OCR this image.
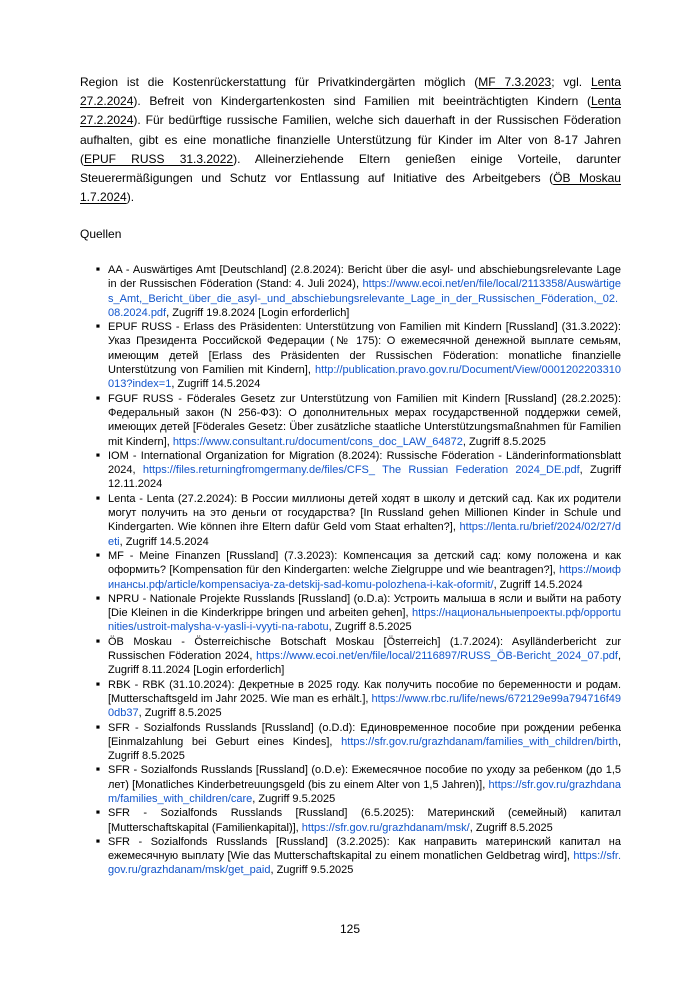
Region ist die Kostenrückerstattung für Privatkindergärten möglich (MF 7.3.2023; vgl. Lenta 27.2.2024). Befreit von Kindergartenkosten sind Familien mit beeinträchtigten Kindern (Lenta 27.2.2024). Für bedürftige russische Familien, welche sich dauerhaft in der Russischen Föderation aufhalten, gibt es eine monatliche finanzielle Unterstützung für Kinder im Alter von 8-17 Jahren (EPUF RUSS 31.3.2022). Alleinerziehende Eltern genießen einige Vorteile, darunter Steuerermäßigungen und Schutz vor Entlassung auf Initiative des Arbeitgebers (ÖB Moskau 1.7.2024).

Quellen
■ AA - Auswärtiges Amt [Deutschland] (2.8.2024): Bericht über die asyl- und abschiebungsrelevante Lage in der Russischen Föderation (Stand: 4. Juli 2024), https://www.ecoi.net/en/file/local/2113358/Auswärtiges_Amt,_Bericht_über_die_asyl-_und_abschiebungsrelevante_Lage_in_der_Russischen_Föderation,_02.08.2024.pdf, Zugriff 19.8.2024 [Login erforderlich]
■ EPUF RUSS - Erlass des Präsidenten: Unterstützung von Familien mit Kindern [Russland] (31.3.2022): Указ Президента Российской Федерации (№ 175): О ежемесячной денежной выплате семьям, имеющим детей [Erlass des Präsidenten der Russischen Föderation: monatliche finanzielle Unterstützung von Familien mit Kindern], http://publication.pravo.gov.ru/Document/View/0001202203310013?index=1, Zugriff 14.5.2024
■ FGUF RUSS - Föderales Gesetz zur Unterstützung von Familien mit Kindern [Russland] (28.2.2025): Федеральный закон (N 256-ФЗ): О дополнительных мерах государственной поддержки семей, имеющих детей [Föderales Gesetz: Über zusätzliche staatliche Unterstützungsmaßnahmen für Familien mit Kindern], https://www.consultant.ru/document/cons_doc_LAW_64872, Zugriff 8.5.2025
■ IOM - International Organization for Migration (8.2024): Russische Föderation - Länderinformationsblatt 2024, https://files.returningfromgermany.de/files/CFS_ The Russian Federation 2024_DE.pdf, Zugriff 12.11.2024
■ Lenta - Lenta (27.2.2024): В России миллионы детей ходят в школу и детский сад. Как их родители могут получить на это деньги от государства? [In Russland gehen Millionen Kinder in Schule und Kindergarten. Wie können ihre Eltern dafür Geld vom Staat erhalten?], https://lenta.ru/brief/2024/02/27/deti, Zugriff 14.5.2024
■ MF - Meine Finanzen [Russland] (7.3.2023): Компенсация за детский сад: кому положена и как оформить? [Kompensation für den Kindergarten: welche Zielgruppe und wie beantragen?], https://моифинансы.рф/article/kompensaciya-za-detskij-sad-komu-polozhena-i-kak-oformit/, Zugriff 14.5.2024
■ NPRU - Nationale Projekte Russlands [Russland] (o.D.a): Устроить малыша в ясли и выйти на работу [Die Kleinen in die Kinderkrippe bringen und arbeiten gehen], https://национальныепроекты.рф/opportunities/ustroit-malysha-v-yasli-i-vyyti-na-rabotu, Zugriff 8.5.2025
■ ÖB Moskau - Österreichische Botschaft Moskau [Österreich] (1.7.2024): Asylländerbericht zur Russischen Föderation 2024, https://www.ecoi.net/en/file/local/2116897/RUSS_ÖB-Bericht_2024_07.pdf, Zugriff 8.11.2024 [Login erforderlich]
■ RBK - RBK (31.10.2024): Декретные в 2025 году. Как получить пособие по беременности и родам. [Mutterschaftsgeld im Jahr 2025. Wie man es erhält.], https://www.rbc.ru/life/news/672129e99a794716f490db37, Zugriff 8.5.2025
■ SFR - Sozialfonds Russlands [Russland] (o.D.d): Единовременное пособие при рождении ребенка [Einmalzahlung bei Geburt eines Kindes], https://sfr.gov.ru/grazhdanam/families_with_children/birth, Zugriff 8.5.2025
■ SFR - Sozialfonds Russlands [Russland] (o.D.e): Ежемесячное пособие по уходу за ребенком (до 1,5 лет) [Monatliches Kinderbetreuungsgeld (bis zu einem Alter von 1,5 Jahren)], https://sfr.gov.ru/grazhdanam/families_with_children/care, Zugriff 9.5.2025
■ SFR - Sozialfonds Russlands [Russland] (6.5.2025): Материнский (семейный) капитал [Mutterschaftskapital (Familienkapital)], https://sfr.gov.ru/grazhdanam/msk/, Zugriff 8.5.2025
■ SFR - Sozialfonds Russlands [Russland] (3.2.2025): Как направить материнский капитал на ежемесячную выплату [Wie das Mutterschaftskapital zu einem monatlichen Geldbetrag wird], https://sfr.gov.ru/grazhdanam/msk/get_paid, Zugriff 9.5.2025
125
